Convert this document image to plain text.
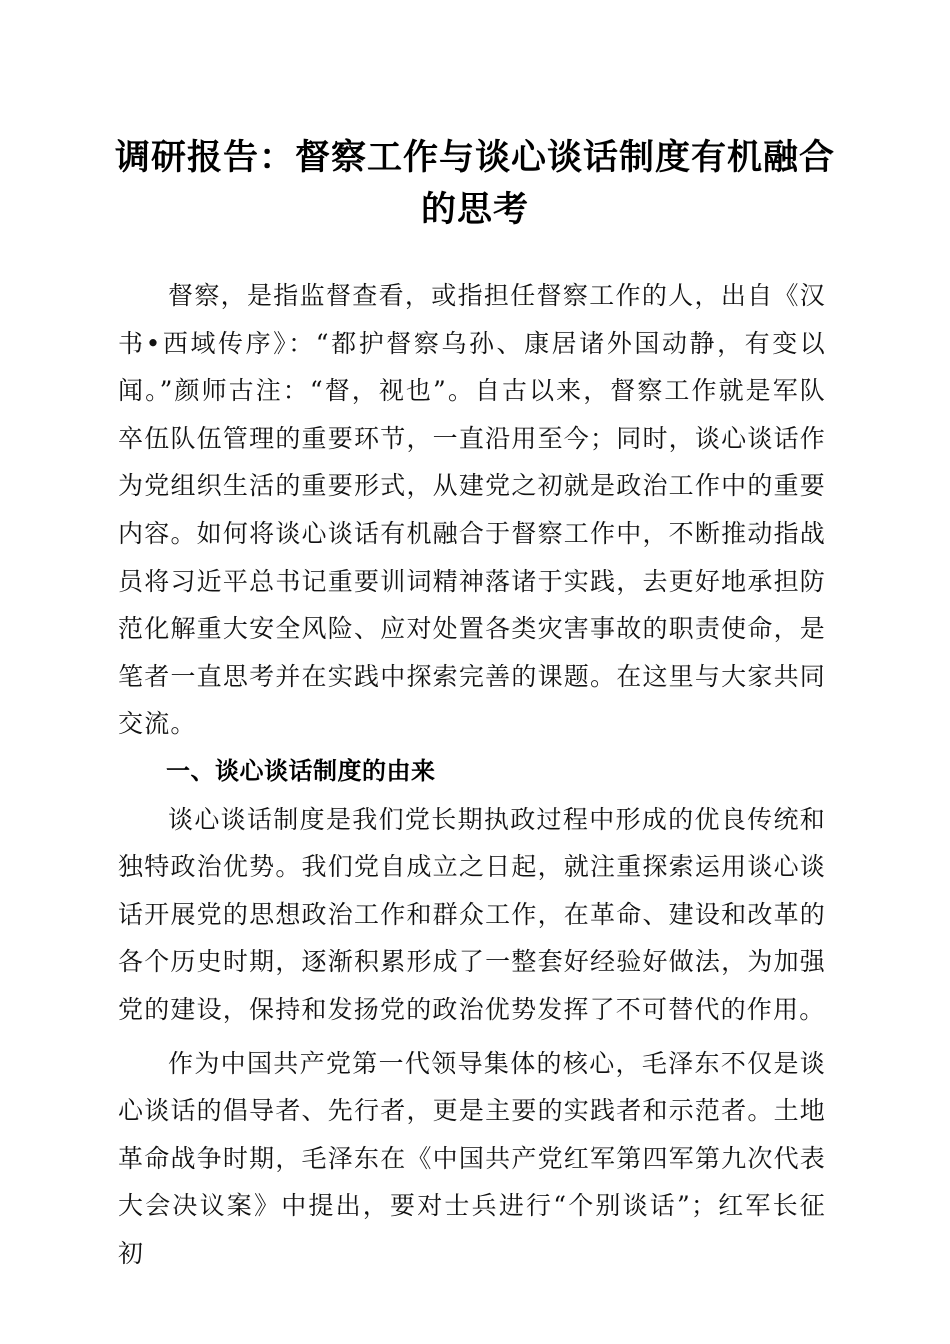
调研报告：督察工作与谈心谈话制度有机融合
的思考

督察，是指监督查看，或指担任督察工作的人，出自《汉书•西域传序》：“都护督察乌孙、康居诸外国动静，有变以闻。”颜师古注：“督，视也”。自古以来，督察工作就是军队卒伍队伍管理的重要环节，一直沿用至今；同时，谈心谈话作为党组织生活的重要形式，从建党之初就是政治工作中的重要内容。如何将谈心谈话有机融合于督察工作中，不断推动指战员将习近平总书记重要训词精神落诸于实践，去更好地承担防范化解重大安全风险、应对处置各类灾害事故的职责使命，是笔者一直思考并在实践中探索完善的课题。在这里与大家共同交流。

一、谈心谈话制度的由来

谈心谈话制度是我们党长期执政过程中形成的优良传统和独特政治优势。我们党自成立之日起，就注重探索运用谈心谈话开展党的思想政治工作和群众工作，在革命、建设和改革的各个历史时期，逐渐积累形成了一整套好经验好做法，为加强党的建设，保持和发扬党的政治优势发挥了不可替代的作用。

作为中国共产党第一代领导集体的核心，毛泽东不仅是谈心谈话的倡导者、先行者，更是主要的实践者和示范者。土地革命战争时期，毛泽东在《中国共产党红军第四军第九次代表大会决议案》中提出，要对士兵进行“个别谈话”；红军长征初
